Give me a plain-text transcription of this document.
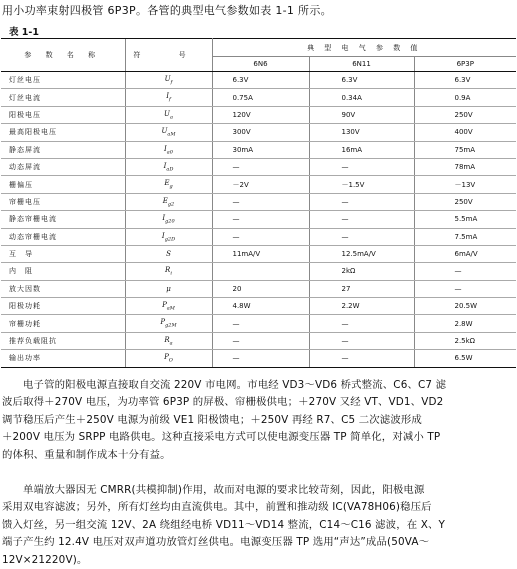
用小功率束射四极管 6P3P。各管的典型电气参数如表 1-1 所示。
表 1-1
参 数 名 称	符 号	典 型 电 气 参 数 值		
		6N6	6N11	6P3P
灯丝电压	$U_f$	6.3V	6.3V	6.3V
灯丝电流	$I_f$	0.75A	0.34A	0.9A
阳极电压	$U_a$	120V	90V	250V
最高阳极电压	$U_{aM}$	300V	130V	400V
静态屏流	$I_{a0}$	30mA	16mA	75mA
动态屏流	$I_{aD}$	—	—	78mA
栅偏压	$E_g$	－2V	－1.5V	－13V
帘栅电压	$E_{g2}$	—	—	250V
静态帘栅电流	$I_{g20}$	—	—	5.5mA
动态帘栅电流	$I_{g2D}$	—	—	7.5mA
互　导	S	11mA/V	12.5mA/V	6mA/V
内　阻	$R_i$		2kΩ	—
放大因数	μ	20	27	—
阳极功耗	$P_{aM}$	4.8W	2.2W	20.5W
帘栅功耗	$P_{g2M}$	—	—	2.8W
推荐负载阻抗	$R_a$	—	—	2.5kΩ
输出功率	$P_O$	—	—	6.5W
电子管的阳极电源直接取自交流 220V 市电网。市电经 VD3～VD6 桥式整流、C6、C7 滤
波后取得＋270V 电压，为功率管 6P3P 的屏极、帘栅极供电；＋270V 又经 VT、VD1、VD2
调节稳压后产生＋250V 电源为前级 VE1 阳极馈电；＋250V 再经 R7、C5 二次滤波形成
＋200V 电压为 SRPP 电路供电。这种直接采电方式可以使电源变压器 TP 简单化，对减小 TP
的体积、重量和制作成本十分有益。
单端放大器因无 CMRR(共模抑制)作用，故而对电源的要求比较苛刻，因此，阳极电源
采用双电容滤波；另外，所有灯丝均由直流供电。其中，前置和推动级 IC(VA78H06)稳压后
馈入灯丝，另一组交流 12V、2A 绕组经电桥 VD11～VD14 整流，C14～C16 滤波，在 X、Y
端子产生约 12.4V 电压对双声道功放管灯丝供电。电源变压器 TP 选用“声达”成品(50VA～
12V×21220V)。
